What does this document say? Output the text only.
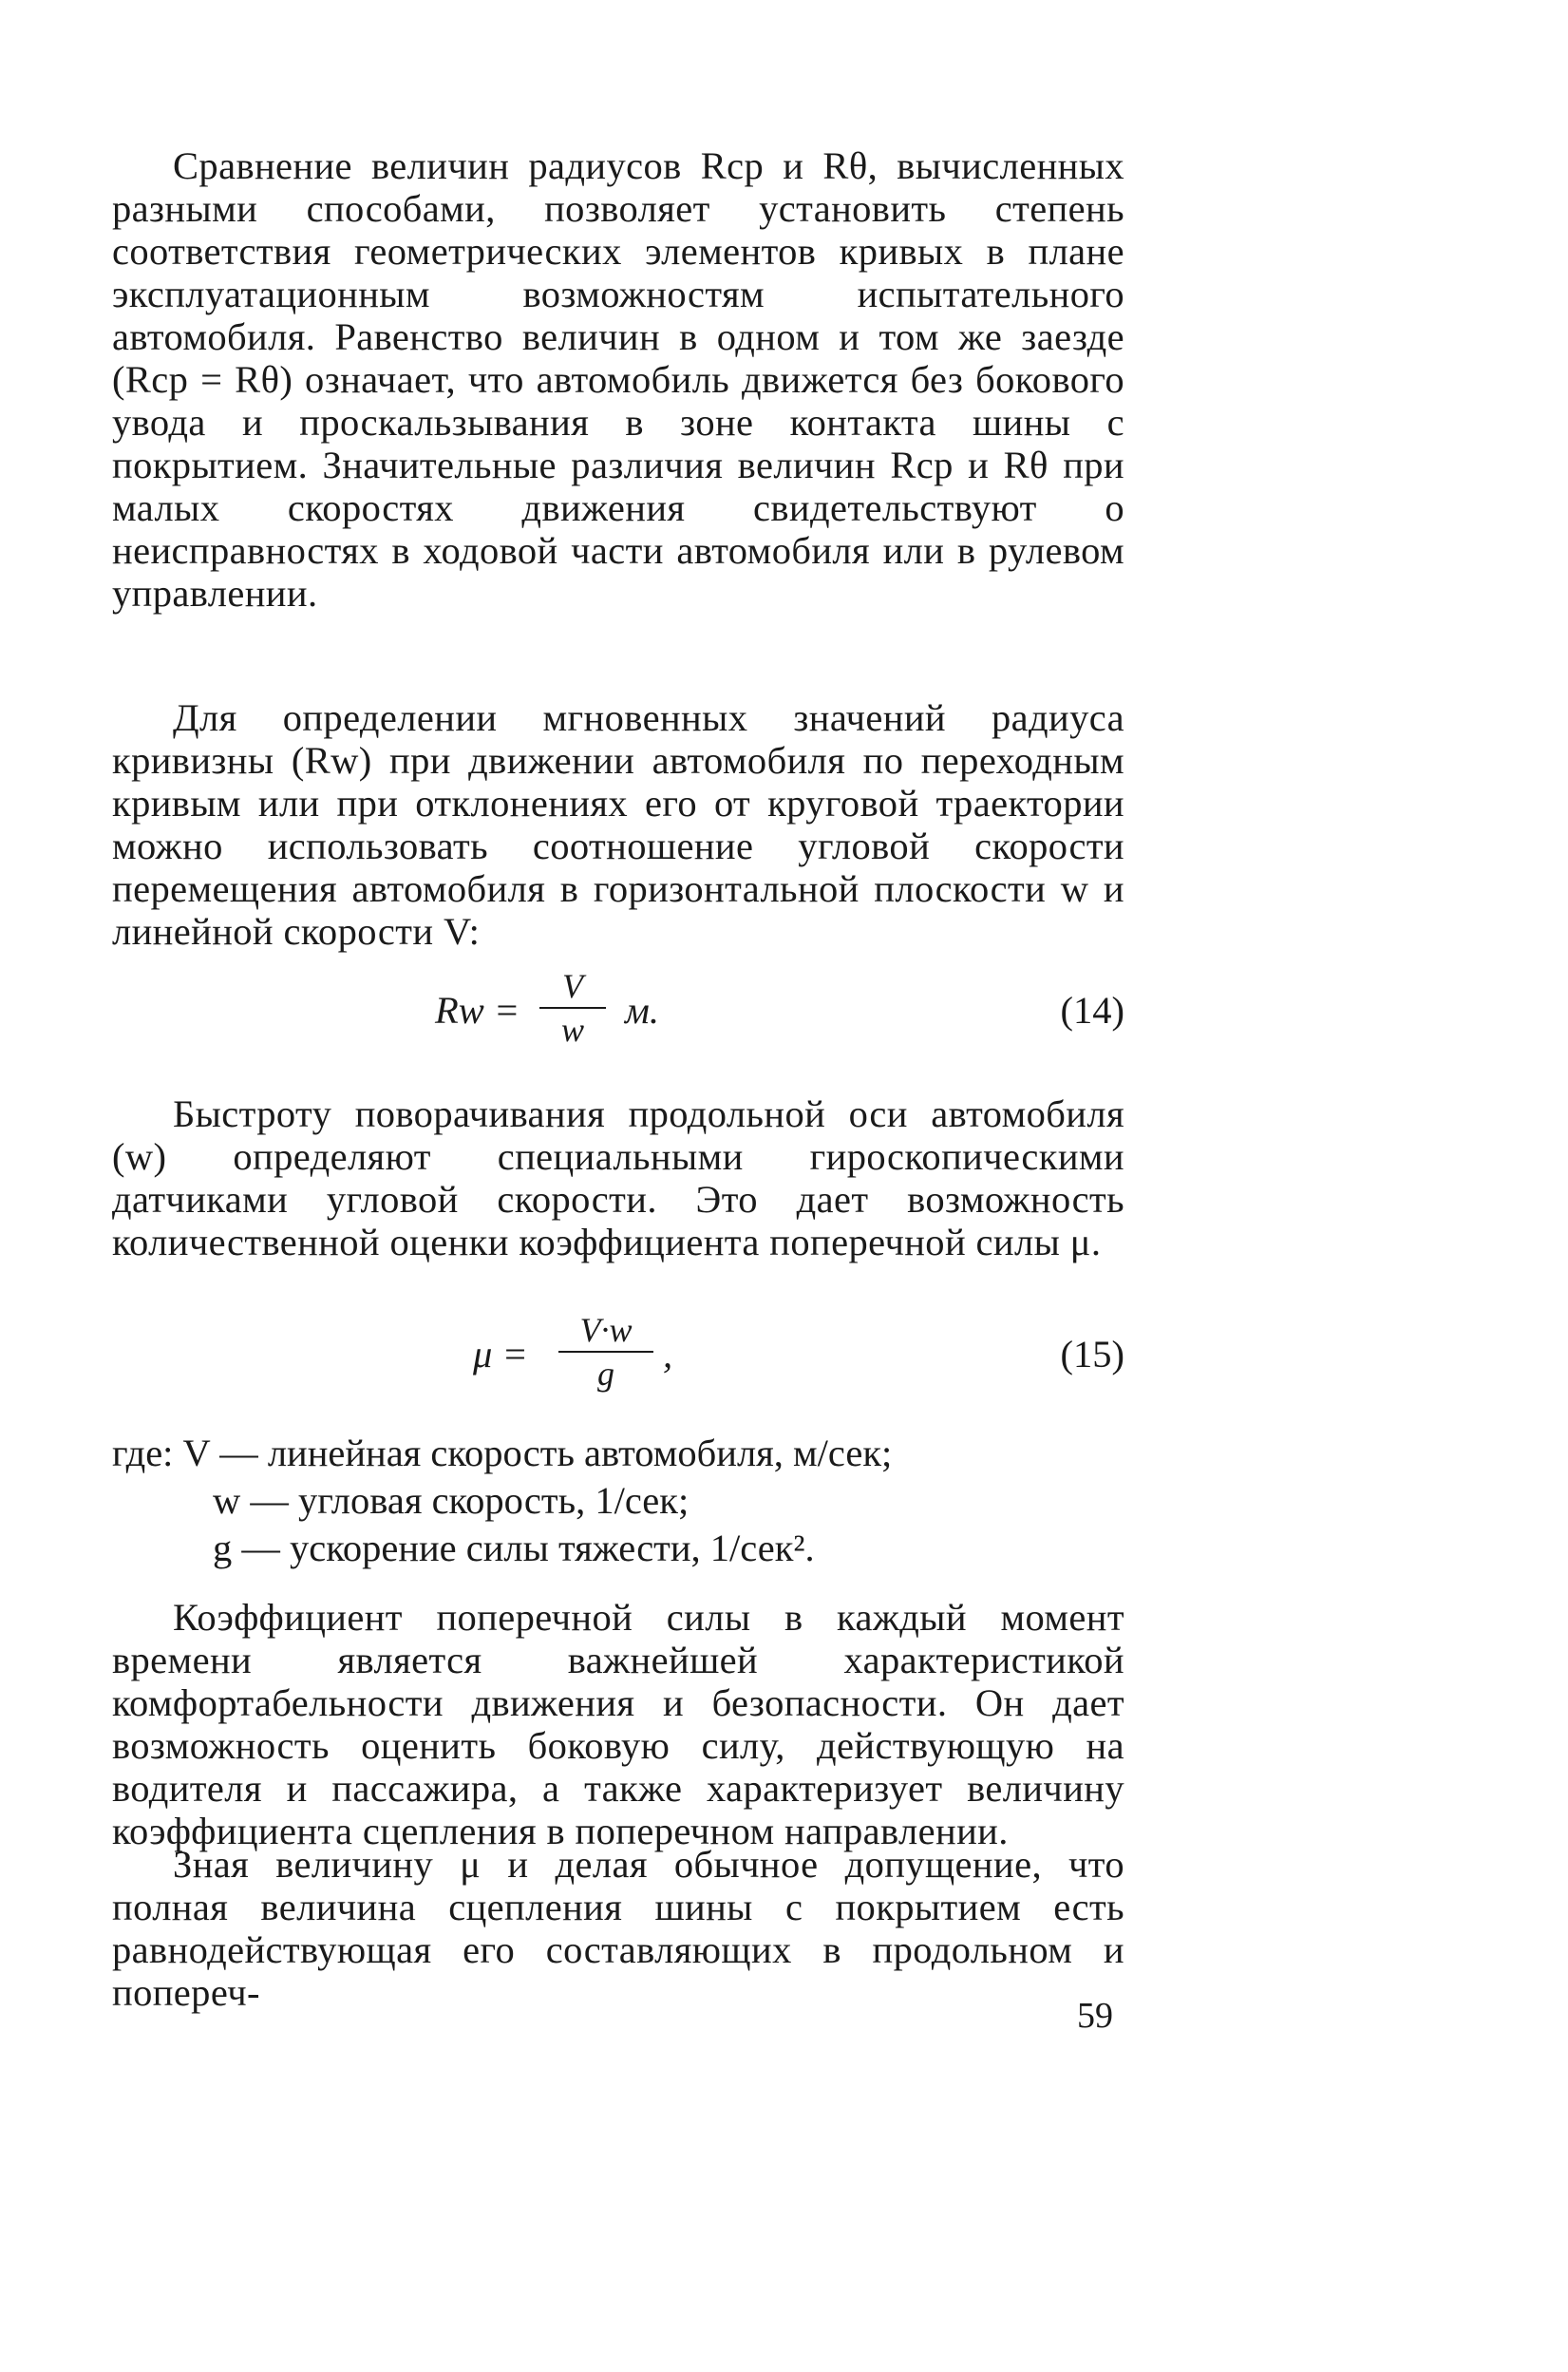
Сравнение величин радиусов Rср и Rθ, вычисленных разными способами, позволяет установить степень соответствия геометрических элементов кривых в плане эксплуатационным возможностям испытательного автомобиля. Равенство величин в одном и том же заезде (Rср = Rθ) означает, что автомобиль движется без бокового увода и проскальзывания в зоне контакта шины с покрытием. Значительные различия величин Rср и Rθ при малых скоростях движения свидетельствуют о неисправностях в ходовой части автомобиля или в рулевом управлении.

Для определении мгновенных значений радиуса кривизны (Rw) при движении автомобиля по переходным кривым или при отклонениях его от круговой траектории можно использовать соотношение угловой скорости перемещения автомобиля в горизонтальной плоскости w и линейной скорости V:

Rw =
V
w м.	(14)

Быстроту поворачивания продольной оси автомобиля (w) определяют специальными гироскопическими датчиками угловой скорости. Это дает возможность количественной оценки коэффициента поперечной силы μ.

μ =
V·w
g ,	(15)
где: V — линейная скорость автомобиля, м/сек;
w — угловая скорость, 1/сек;
g — ускорение силы тяжести, 1/сек².

Коэффициент поперечной силы в каждый момент времени является важнейшей характеристикой комфортабельности движения и безопасности. Он дает возможность оценить боковую силу, действующую на водителя и пассажира, а также характеризует величину коэффициента сцепления в поперечном направлении.

Зная величину μ и делая обычное допущение, что полная величина сцепления шины с покрытием есть равнодействующая его составляющих в продольном и попереч-

59
